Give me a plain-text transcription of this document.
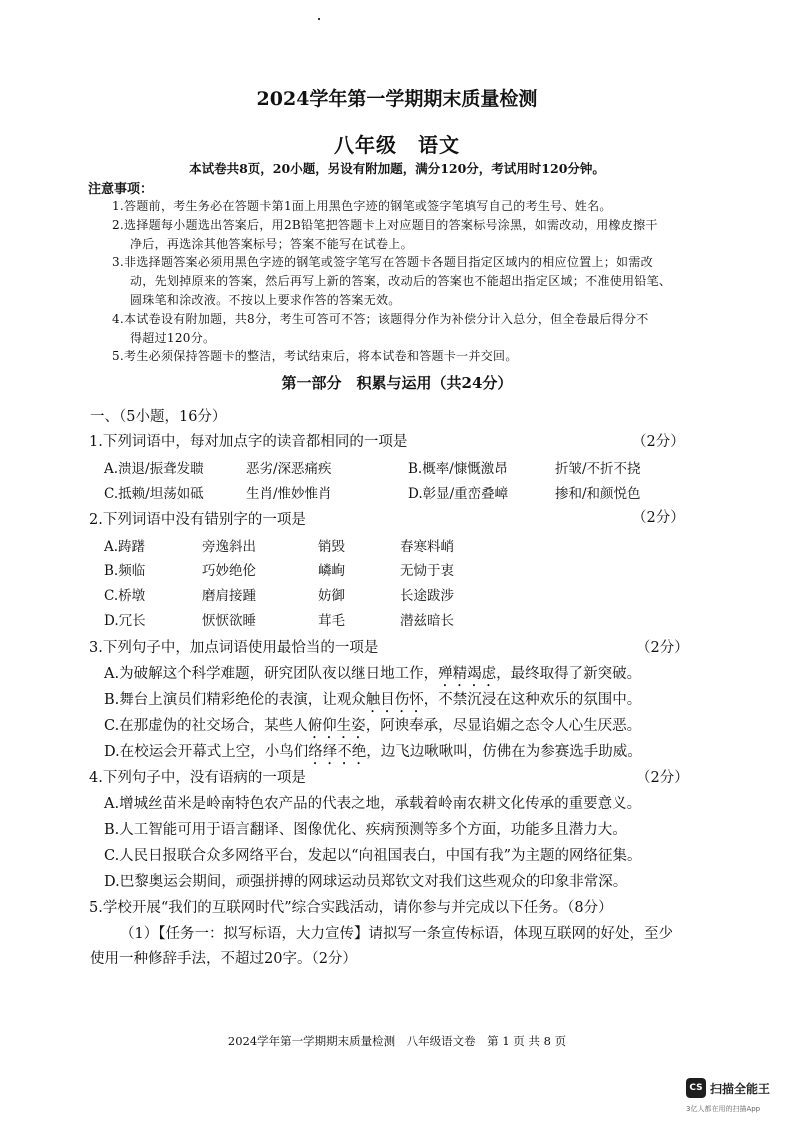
2024学年第一学期期末质量检测
八年级　语文
本试卷共8页，20小题，另设有附加题，满分120分，考试用时120分钟。
注意事项：
1.答题前，考生务必在答题卡第1面上用黑色字迹的钢笔或签字笔填写自己的考生号、姓名。
2.选择题每小题选出答案后，用2B铅笔把答题卡上对应题目的答案标号涂黑，如需改动，用橡皮擦干
净后，再选涂其他答案标号；答案不能写在试卷上。
3.非选择题答案必须用黑色字迹的钢笔或签字笔写在答题卡各题目指定区域内的相应位置上；如需改
动，先划掉原来的答案，然后再写上新的答案，改动后的答案也不能超出指定区域；不准使用铅笔、
圆珠笔和涂改液。不按以上要求作答的答案无效。
4.本试卷设有附加题，共8分，考生可答可不答；该题得分作为补偿分计入总分，但全卷最后得分不
得超过120分。
5.考生必须保持答题卡的整洁，考试结束后，将本试卷和答题卡一并交回。
第一部分　积累与运用（共24分）
一、（5小题，16分）
1.下列词语中，每对加点字的读音都相同的一项是	（2分）
A.溃退/振聋发聩	恶劣/深恶痛疾	B.概率/慷慨激昂	折皱/不折不挠
C.抵赖/坦荡如砥	生肖/惟妙惟肖	D.彰显/重峦叠嶂	掺和/和颜悦色
2.下列词语中没有错别字的一项是	（2分）
A.踌躇	旁逸斜出	销毁	春寒料峭
B.频临	巧妙绝伦	嶙峋	无恸于衷
C.桥墩	磨肩接踵	妨御	长途跋涉
D.冗长	恹恹欲睡	茸毛	潜兹暗长
3.下列句子中，加点词语使用最恰当的一项是	（2分）
A.为破解这个科学难题，研究团队夜以继日地工作，殚精竭虑，最终取得了新突破。
B.舞台上演员们精彩绝伦的表演，让观众触目伤怀，不禁沉浸在这种欢乐的氛围中。
C.在那虚伪的社交场合，某些人俯仰生姿，阿谀奉承，尽显谄媚之态令人心生厌恶。
D.在校运会开幕式上空，小鸟们络绎不绝，边飞边啾啾叫，仿佛在为参赛选手助威。
4.下列句子中，没有语病的一项是	（2分）
A.增城丝苗米是岭南特色农产品的代表之地，承载着岭南农耕文化传承的重要意义。
B.人工智能可用于语言翻译、图像优化、疾病预测等多个方面，功能多且潜力大。
C.人民日报联合众多网络平台，发起以“向祖国表白，中国有我”为主题的网络征集。
D.巴黎奥运会期间，顽强拼搏的网球运动员郑钦文对我们这些观众的印象非常深。
5.学校开展“我们的互联网时代”综合实践活动，请你参与并完成以下任务。（8分）
（1）【任务一：拟写标语，大力宣传】请拟写一条宣传标语，体现互联网的好处，至少
使用一种修辞手法，不超过20字。（2分）
2024学年第一学期期末质量检测　八年级语文卷　第 1 页 共 8 页
CS 扫描全能王
3亿人都在用的扫描App
